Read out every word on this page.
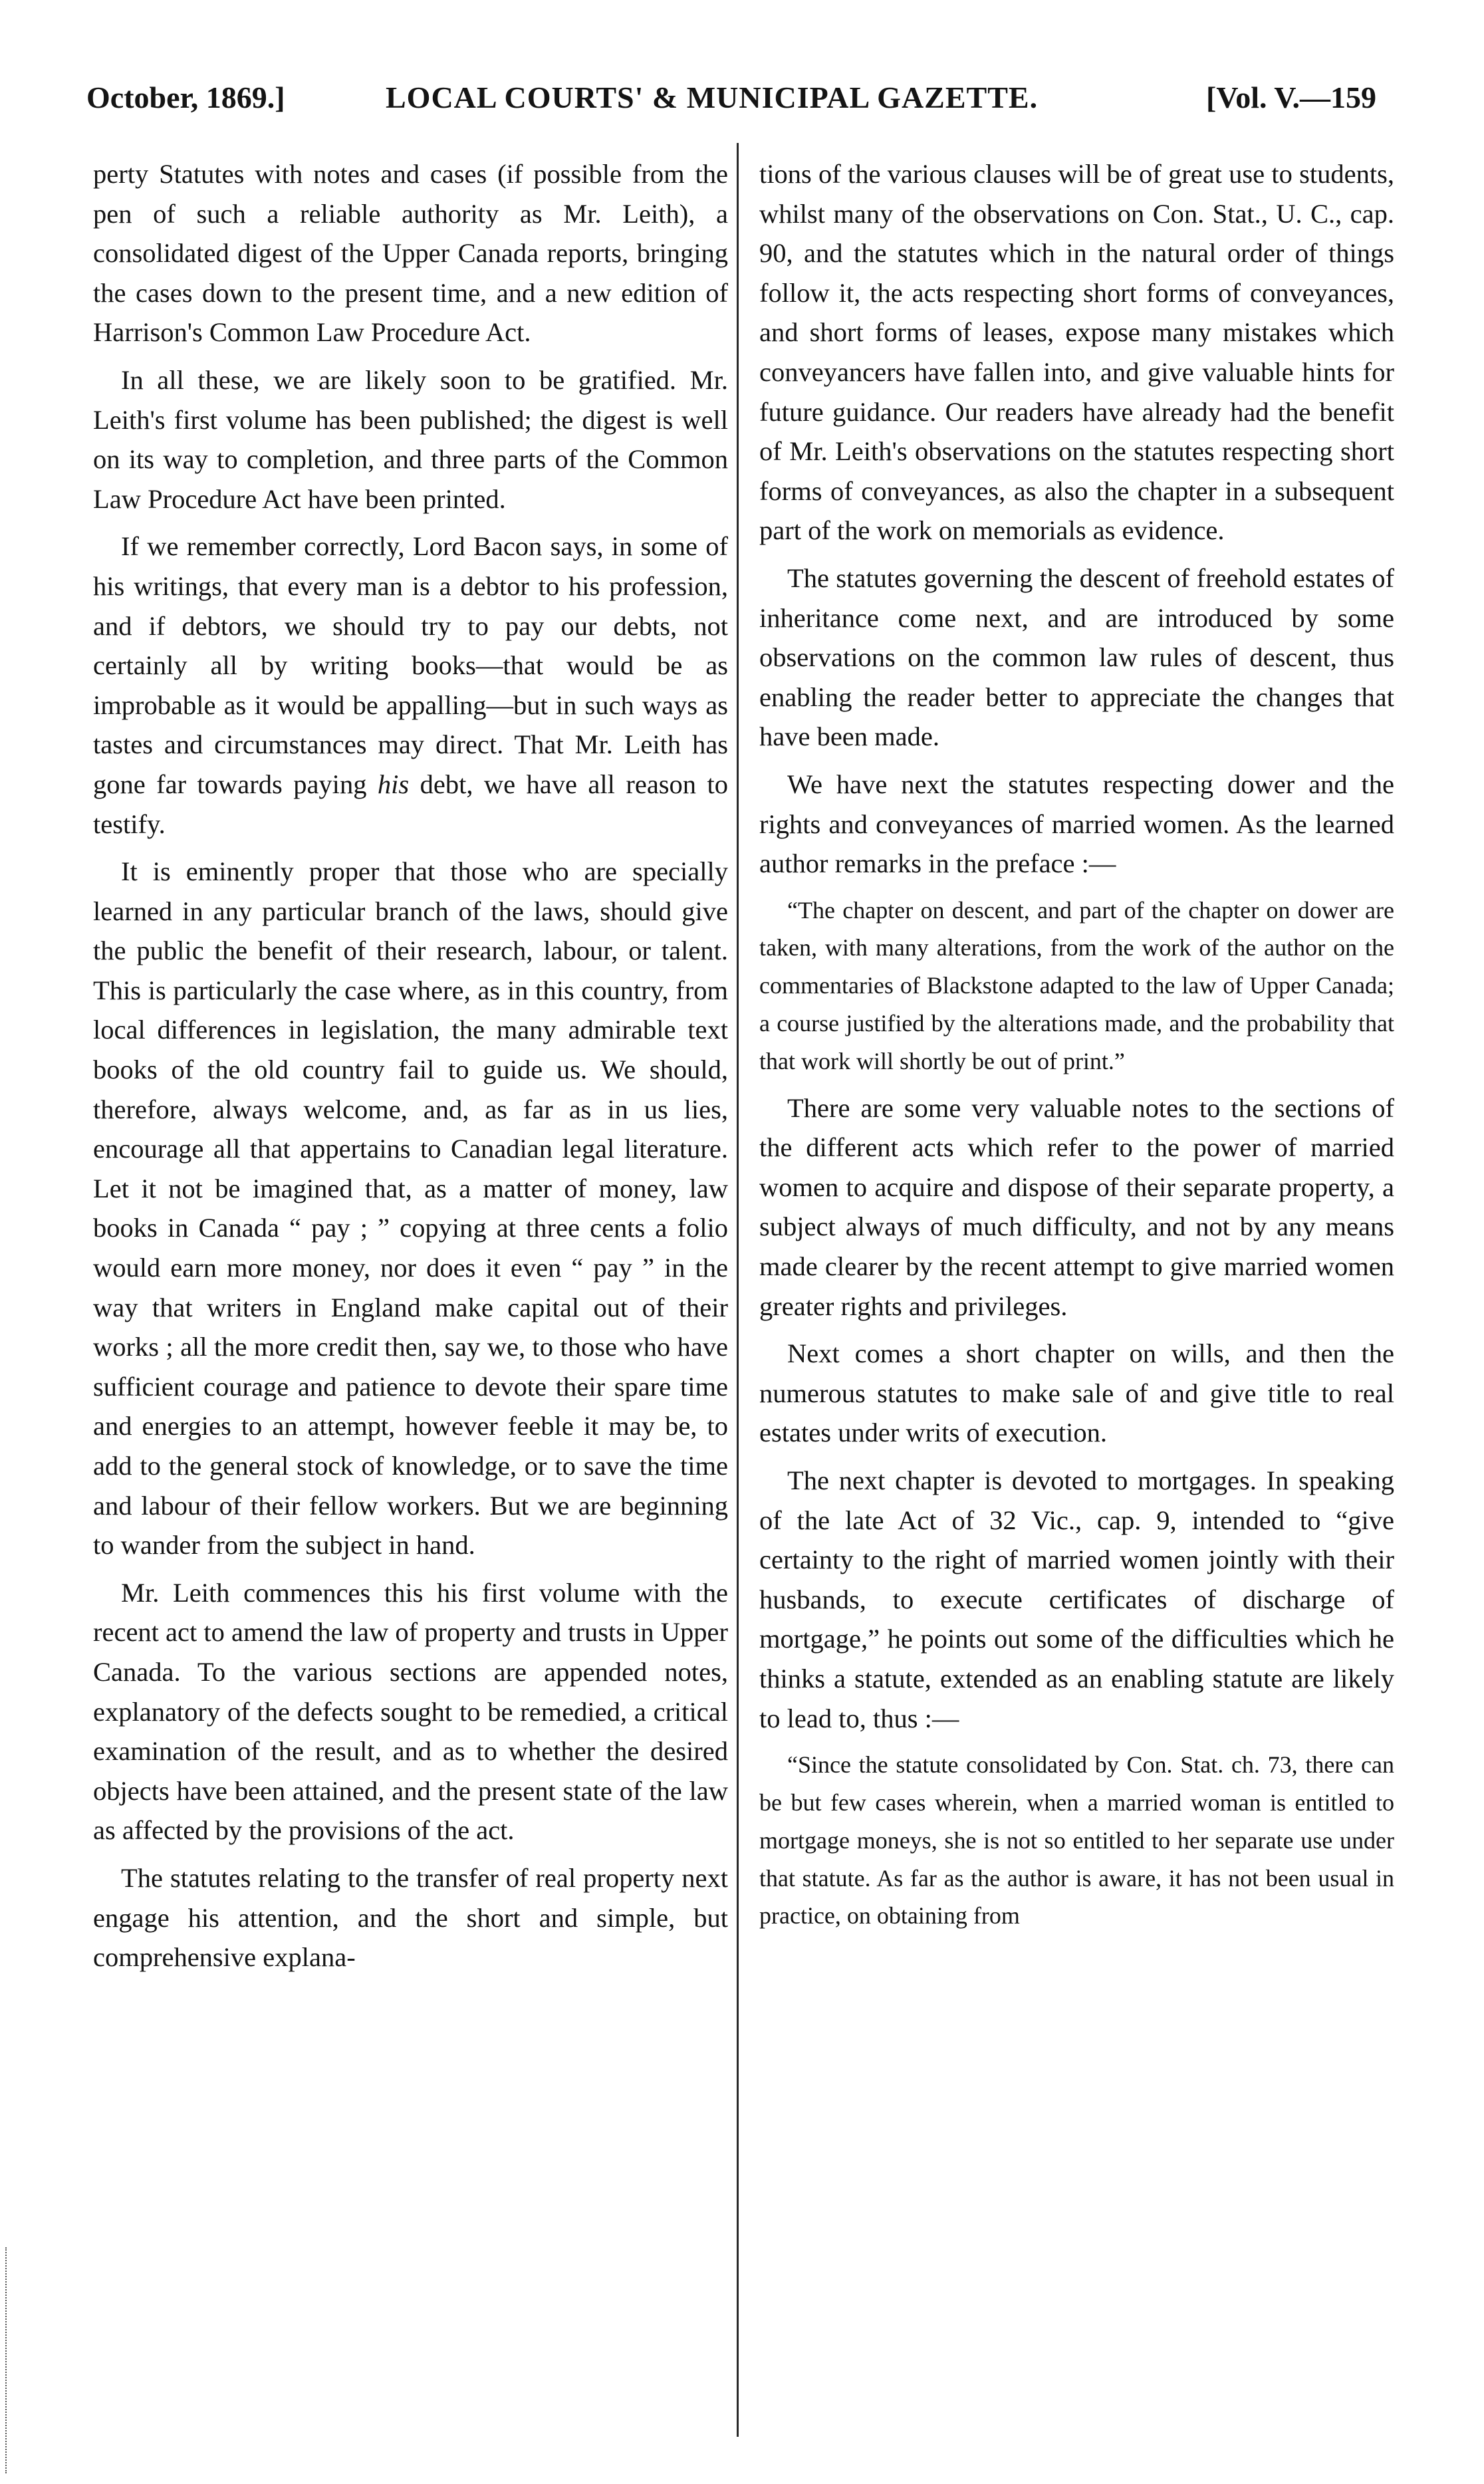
October, 1869.]	LOCAL COURTS' & MUNICIPAL GAZETTE.	[Vol. V.—159

perty Statutes with notes and cases (if possible from the pen of such a reliable authority as Mr. Leith), a consolidated digest of the Upper Canada reports, bringing the cases down to the present time, and a new edition of Harrison's Common Law Procedure Act.

In all these, we are likely soon to be gratified. Mr. Leith's first volume has been published; the digest is well on its way to completion, and three parts of the Common Law Procedure Act have been printed.

If we remember correctly, Lord Bacon says, in some of his writings, that every man is a debtor to his profession, and if debtors, we should try to pay our debts, not certainly all by writing books—that would be as improbable as it would be appalling—but in such ways as tastes and circumstances may direct. That Mr. Leith has gone far towards paying his debt, we have all reason to testify.

It is eminently proper that those who are specially learned in any particular branch of the laws, should give the public the benefit of their research, labour, or talent. This is particularly the case where, as in this country, from local differences in legislation, the many admirable text books of the old country fail to guide us. We should, therefore, always welcome, and, as far as in us lies, encourage all that appertains to Canadian legal literature. Let it not be imagined that, as a matter of money, law books in Canada “ pay ; ” copying at three cents a folio would earn more money, nor does it even “ pay ” in the way that writers in England make capital out of their works ; all the more credit then, say we, to those who have sufficient courage and patience to devote their spare time and energies to an attempt, however feeble it may be, to add to the general stock of knowledge, or to save the time and labour of their fellow workers. But we are beginning to wander from the subject in hand.

Mr. Leith commences this his first volume with the recent act to amend the law of property and trusts in Upper Canada. To the various sections are appended notes, explanatory of the defects sought to be remedied, a critical examination of the result, and as to whether the desired objects have been attained, and the present state of the law as affected by the provisions of the act.

The statutes relating to the transfer of real property next engage his attention, and the short and simple, but comprehensive explana-

tions of the various clauses will be of great use to students, whilst many of the observations on Con. Stat., U. C., cap. 90, and the statutes which in the natural order of things follow it, the acts respecting short forms of conveyances, and short forms of leases, expose many mistakes which conveyancers have fallen into, and give valuable hints for future guidance. Our readers have already had the benefit of Mr. Leith's observations on the statutes respecting short forms of conveyances, as also the chapter in a subsequent part of the work on memorials as evidence.

The statutes governing the descent of freehold estates of inheritance come next, and are introduced by some observations on the common law rules of descent, thus enabling the reader better to appreciate the changes that have been made.

We have next the statutes respecting dower and the rights and conveyances of married women. As the learned author remarks in the preface :—

“The chapter on descent, and part of the chapter on dower are taken, with many alterations, from the work of the author on the commentaries of Blackstone adapted to the law of Upper Canada; a course justified by the alterations made, and the probability that that work will shortly be out of print.”

There are some very valuable notes to the sections of the different acts which refer to the power of married women to acquire and dispose of their separate property, a subject always of much difficulty, and not by any means made clearer by the recent attempt to give married women greater rights and privileges.

Next comes a short chapter on wills, and then the numerous statutes to make sale of and give title to real estates under writs of execution.

The next chapter is devoted to mortgages. In speaking of the late Act of 32 Vic., cap. 9, intended to “give certainty to the right of married women jointly with their husbands, to execute certificates of discharge of mortgage,” he points out some of the difficulties which he thinks a statute, extended as an enabling statute are likely to lead to, thus :—

“Since the statute consolidated by Con. Stat. ch. 73, there can be but few cases wherein, when a married woman is entitled to mortgage moneys, she is not so entitled to her separate use under that statute. As far as the author is aware, it has not been usual in practice, on obtaining from
